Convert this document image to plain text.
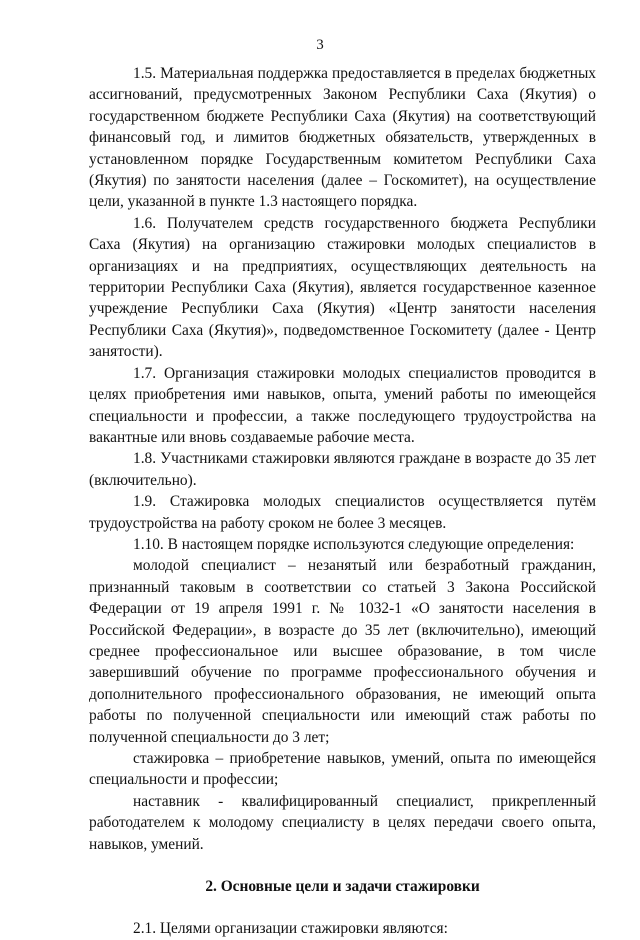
3

1.5. Материальная поддержка предоставляется в пределах бюджетных ассигнований, предусмотренных Законом Республики Саха (Якутия) о государственном бюджете Республики Саха (Якутия) на соответствующий финансовый год, и лимитов бюджетных обязательств, утвержденных в установленном порядке Государственным комитетом Республики Саха (Якутия) по занятости населения (далее – Госкомитет), на осуществление цели, указанной в пункте 1.3 настоящего порядка.

1.6. Получателем средств государственного бюджета Республики Саха (Якутия) на организацию стажировки молодых специалистов в организациях и на предприятиях, осуществляющих деятельность на территории Республики Саха (Якутия), является государственное казенное учреждение Республики Саха (Якутия) «Центр занятости населения Республики Саха (Якутия)», подведомственное Госкомитету (далее - Центр занятости).

1.7. Организация стажировки молодых специалистов проводится в целях приобретения ими навыков, опыта, умений работы по имеющейся специальности и профессии, а также последующего трудоустройства на вакантные или вновь создаваемые рабочие места.

1.8. Участниками стажировки являются граждане в возрасте до 35 лет (включительно).

1.9. Стажировка молодых специалистов осуществляется путём трудоустройства на работу сроком не более 3 месяцев.

1.10. В настоящем порядке используются следующие определения:

молодой специалист – незанятый или безработный гражданин, признанный таковым в соответствии со статьей 3 Закона Российской Федерации от 19 апреля 1991 г. № 1032-1 «О занятости населения в Российской Федерации», в возрасте до 35 лет (включительно), имеющий среднее профессиональное или высшее образование, в том числе завершивший обучение по программе профессионального обучения и дополнительного профессионального образования, не имеющий опыта работы по полученной специальности или имеющий стаж работы по полученной специальности до 3 лет;

стажировка – приобретение навыков, умений, опыта по имеющейся специальности и профессии;

наставник - квалифицированный специалист, прикрепленный работодателем к молодому специалисту в целях передачи своего опыта, навыков, умений.

2. Основные цели и задачи стажировки

2.1. Целями организации стажировки являются:
